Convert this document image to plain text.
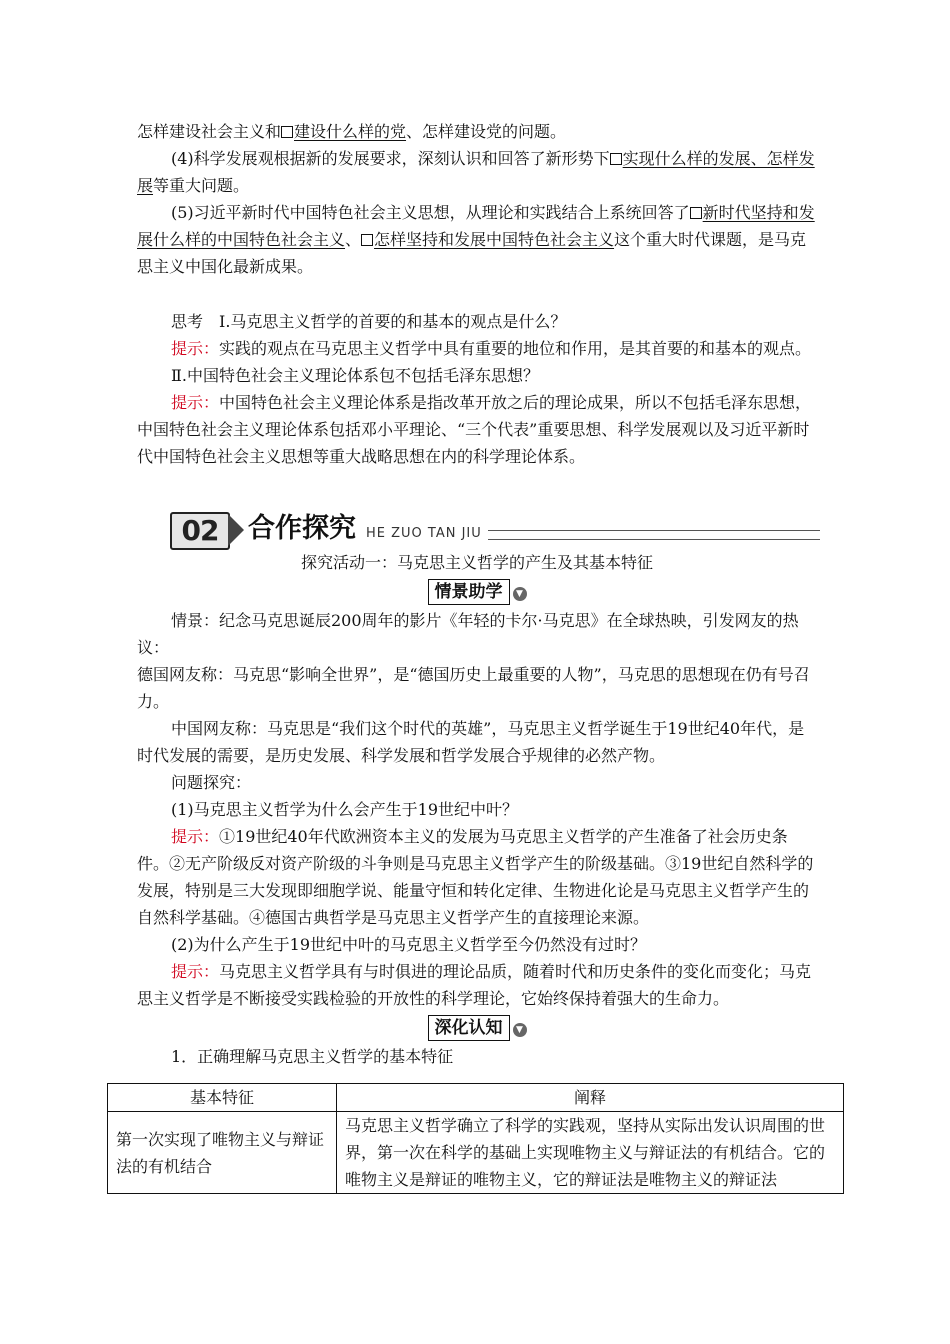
怎样建设社会主义和 建设什么样的党、怎样建设党的问题。

(4)科学发展观根据新的发展要求，深刻认识和回答了新形势下 实现什么样的发展、怎样发展等重大问题。

(5)习近平新时代中国特色社会主义思想，从理论和实践结合上系统回答了 新时代坚持和发展什么样的中国特色社会主义、 怎样坚持和发展中国特色社会主义这个重大时代课题，是马克思主义中国化最新成果。

思考　Ⅰ.马克思主义哲学的首要的和基本的观点是什么？

提示：实践的观点在马克思主义哲学中具有重要的地位和作用，是其首要的和基本的观点。

Ⅱ.中国特色社会主义理论体系包不包括毛泽东思想？

提示：中国特色社会主义理论体系是指改革开放之后的理论成果，所以不包括毛泽东思想，中国特色社会主义理论体系包括邓小平理论、“三个代表”重要思想、科学发展观以及习近平新时代中国特色社会主义思想等重大战略思想在内的科学理论体系。

02	合作探究 HE ZUO TAN JIU

探究活动一：马克思主义哲学的产生及其基本特征

情景助学 ▼

情景：纪念马克思诞辰200周年的影片《年轻的卡尔·马克思》在全球热映，引发网友的热议：

德国网友称：马克思“影响全世界”，是“德国历史上最重要的人物”，马克思的思想现在仍有号召力。

中国网友称：马克思是“我们这个时代的英雄”，马克思主义哲学诞生于19世纪40年代，是时代发展的需要，是历史发展、科学发展和哲学发展合乎规律的必然产物。

问题探究：

(1)马克思主义哲学为什么会产生于19世纪中叶？

提示：①19世纪40年代欧洲资本主义的发展为马克思主义哲学的产生准备了社会历史条件。②无产阶级反对资产阶级的斗争则是马克思主义哲学产生的阶级基础。③19世纪自然科学的发展，特别是三大发现即细胞学说、能量守恒和转化定律、生物进化论是马克思主义哲学产生的自然科学基础。④德国古典哲学是马克思主义哲学产生的直接理论来源。

(2)为什么产生于19世纪中叶的马克思主义哲学至今仍然没有过时？

提示：马克思主义哲学具有与时俱进的理论品质，随着时代和历史条件的变化而变化；马克思主义哲学是不断接受实践检验的开放性的科学理论，它始终保持着强大的生命力。

深化认知 ▼

1．正确理解马克思主义哲学的基本特征

基本特征	阐释
第一次实现了唯物主义与辩证法的有机结合	马克思主义哲学确立了科学的实践观，坚持从实际出发认识周围的世界，第一次在科学的基础上实现唯物主义与辩证法的有机结合。它的唯物主义是辩证的唯物主义，它的辩证法是唯物主义的辩证法
